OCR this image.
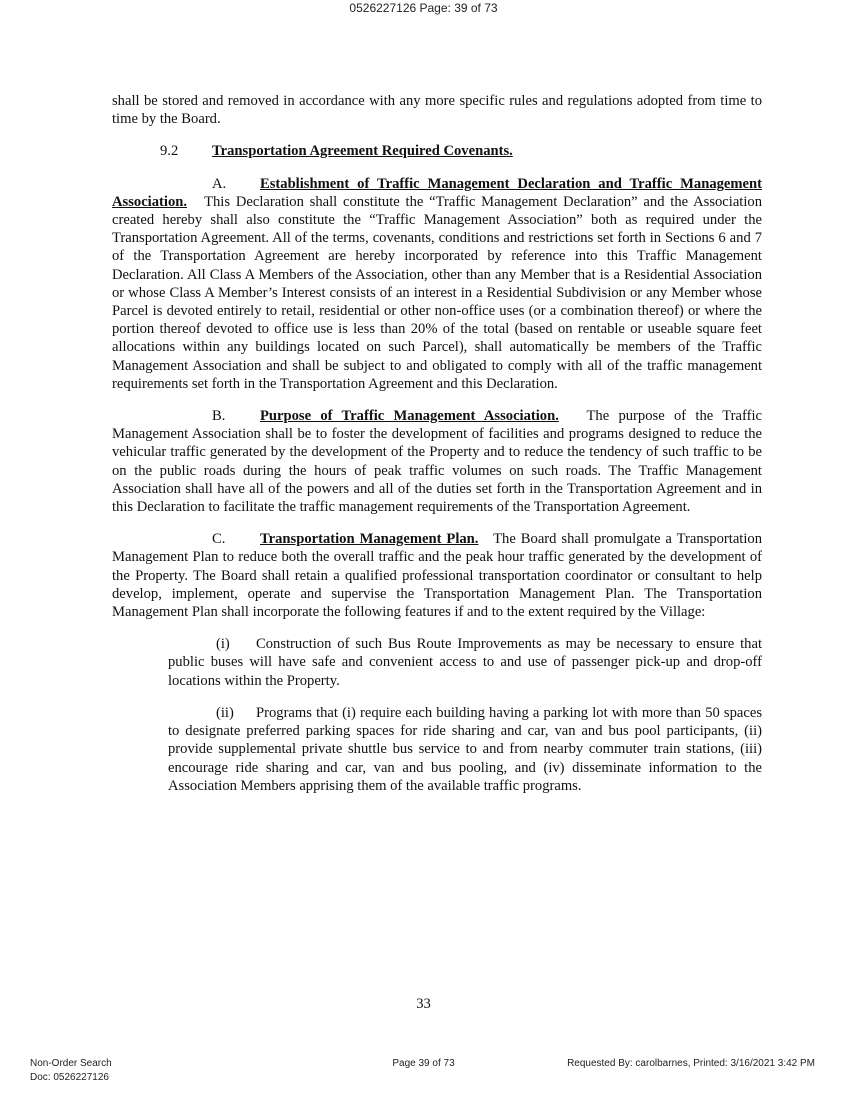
0526227126 Page: 39 of 73

shall be stored and removed in accordance with any more specific rules and regulations adopted from time to time by the Board.

9.2 Transportation Agreement Required Covenants.

A. Establishment of Traffic Management Declaration and Traffic Management Association. This Declaration shall constitute the “Traffic Management Declaration” and the Association created hereby shall also constitute the “Traffic Management Association” both as required under the Transportation Agreement. All of the terms, covenants, conditions and restrictions set forth in Sections 6 and 7 of the Transportation Agreement are hereby incorporated by reference into this Traffic Management Declaration. All Class A Members of the Association, other than any Member that is a Residential Association or whose Class A Member’s Interest consists of an interest in a Residential Subdivision or any Member whose Parcel is devoted entirely to retail, residential or other non-office uses (or a combination thereof) or where the portion thereof devoted to office use is less than 20% of the total (based on rentable or useable square feet allocations within any buildings located on such Parcel), shall automatically be members of the Traffic Management Association and shall be subject to and obligated to comply with all of the traffic management requirements set forth in the Transportation Agreement and this Declaration.

B. Purpose of Traffic Management Association. The purpose of the Traffic Management Association shall be to foster the development of facilities and programs designed to reduce the vehicular traffic generated by the development of the Property and to reduce the tendency of such traffic to be on the public roads during the hours of peak traffic volumes on such roads. The Traffic Management Association shall have all of the powers and all of the duties set forth in the Transportation Agreement and in this Declaration to facilitate the traffic management requirements of the Transportation Agreement.

C. Transportation Management Plan. The Board shall promulgate a Transportation Management Plan to reduce both the overall traffic and the peak hour traffic generated by the development of the Property. The Board shall retain a qualified professional transportation coordinator or consultant to help develop, implement, operate and supervise the Transportation Management Plan. The Transportation Management Plan shall incorporate the following features if and to the extent required by the Village:

(i) Construction of such Bus Route Improvements as may be necessary to ensure that public buses will have safe and convenient access to and use of passenger pick-up and drop-off locations within the Property.

(ii) Programs that (i) require each building having a parking lot with more than 50 spaces to designate preferred parking spaces for ride sharing and car, van and bus pool participants, (ii) provide supplemental private shuttle bus service to and from nearby commuter train stations, (iii) encourage ride sharing and car, van and bus pooling, and (iv) disseminate information to the Association Members apprising them of the available traffic programs.

33
Non-Order Search
Doc: 0526227126
Page 39 of 73	Requested By: carolbarnes, Printed: 3/16/2021 3:42 PM
